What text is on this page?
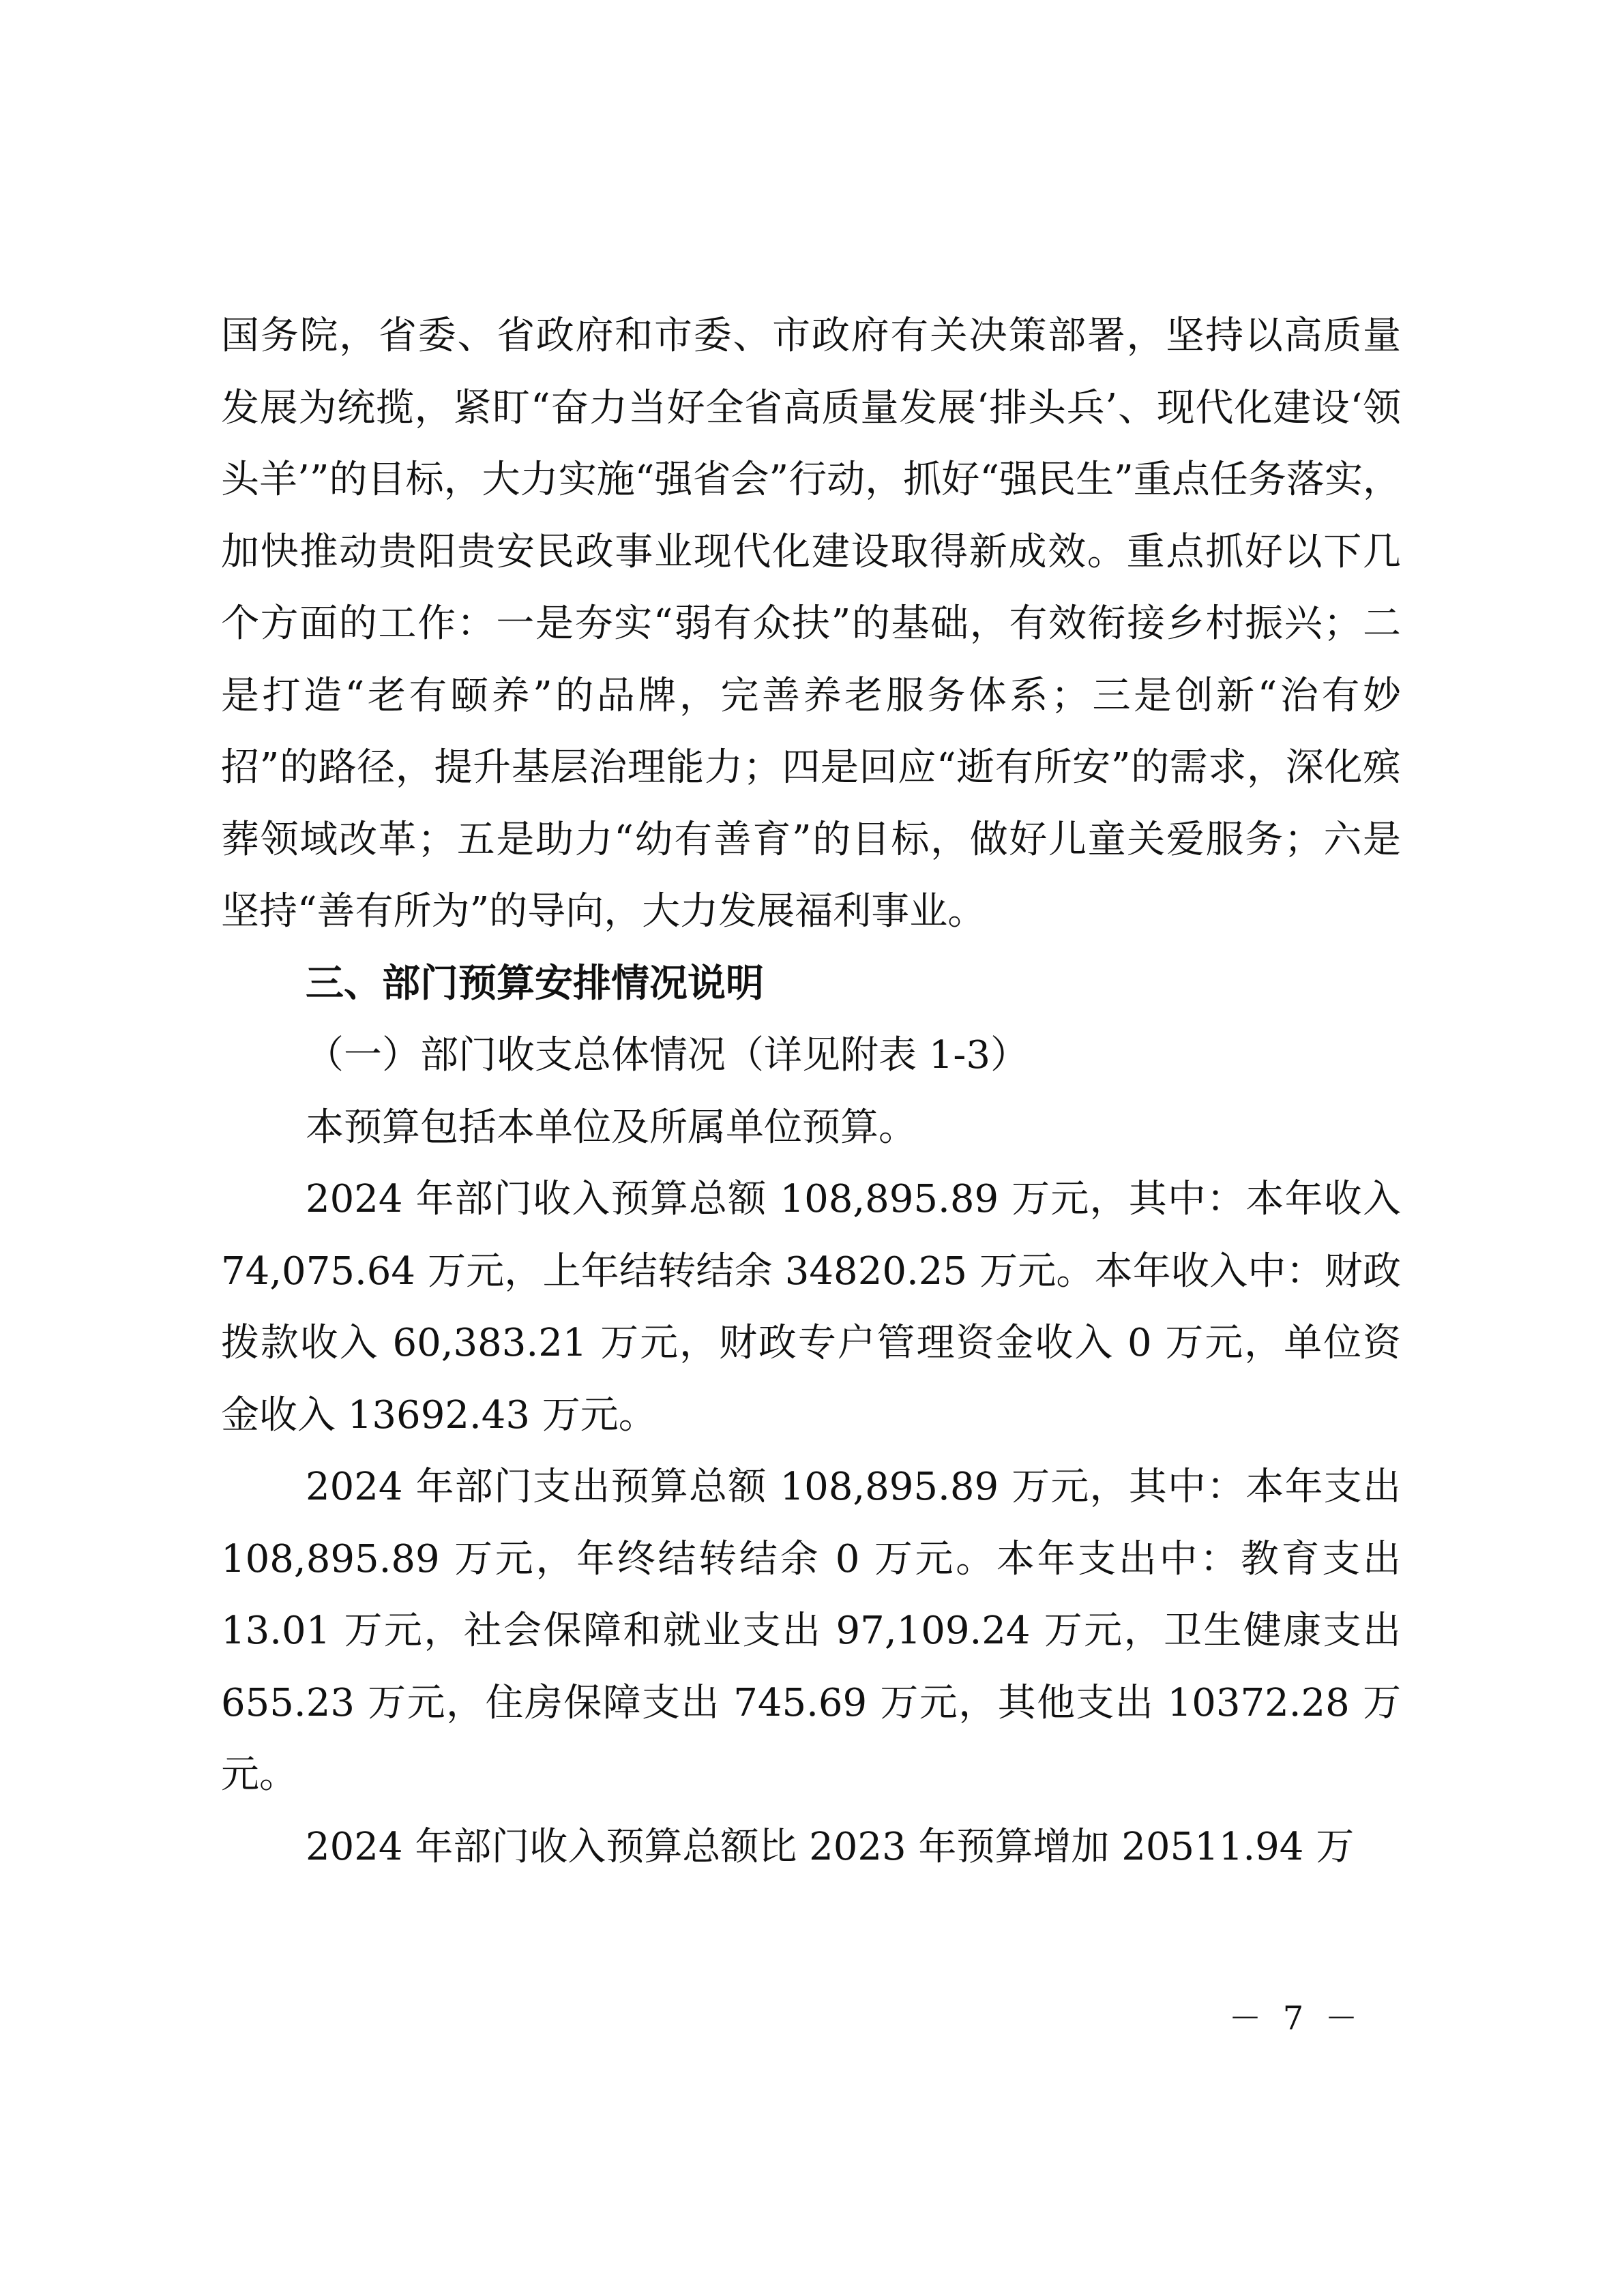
国务院，省委、省政府和市委、市政府有关决策部署，坚持以高质量发展为统揽，紧盯“奋力当好全省高质量发展‘排头兵’、现代化建设‘领头羊’”的目标，大力实施“强省会”行动，抓好“强民生”重点任务落实，加快推动贵阳贵安民政事业现代化建设取得新成效。重点抓好以下几个方面的工作：一是夯实“弱有众扶”的基础，有效衔接乡村振兴；二是打造“老有颐养”的品牌，完善养老服务体系；三是创新“治有妙招”的路径，提升基层治理能力；四是回应“逝有所安”的需求，深化殡葬领域改革；五是助力“幼有善育”的目标，做好儿童关爱服务；六是坚持“善有所为”的导向，大力发展福利事业。

三、部门预算安排情况说明

（一）部门收支总体情况（详见附表 1-3）

本预算包括本单位及所属单位预算。

2024 年部门收入预算总额 108,895.89 万元，其中：本年收入 74,075.64 万元，上年结转结余 34820.25 万元。本年收入中：财政拨款收入 60,383.21 万元，财政专户管理资金收入 0 万元，单位资金收入 13692.43 万元。

2024 年部门支出预算总额 108,895.89 万元，其中：本年支出 108,895.89 万元，年终结转结余 0 万元。本年支出中：教育支出 13.01 万元，社会保障和就业支出 97,109.24 万元，卫生健康支出 655.23 万元，住房保障支出 745.69 万元，其他支出 10372.28 万元。

2024 年部门收入预算总额比 2023 年预算增加 20511.94 万

－ 7 －
